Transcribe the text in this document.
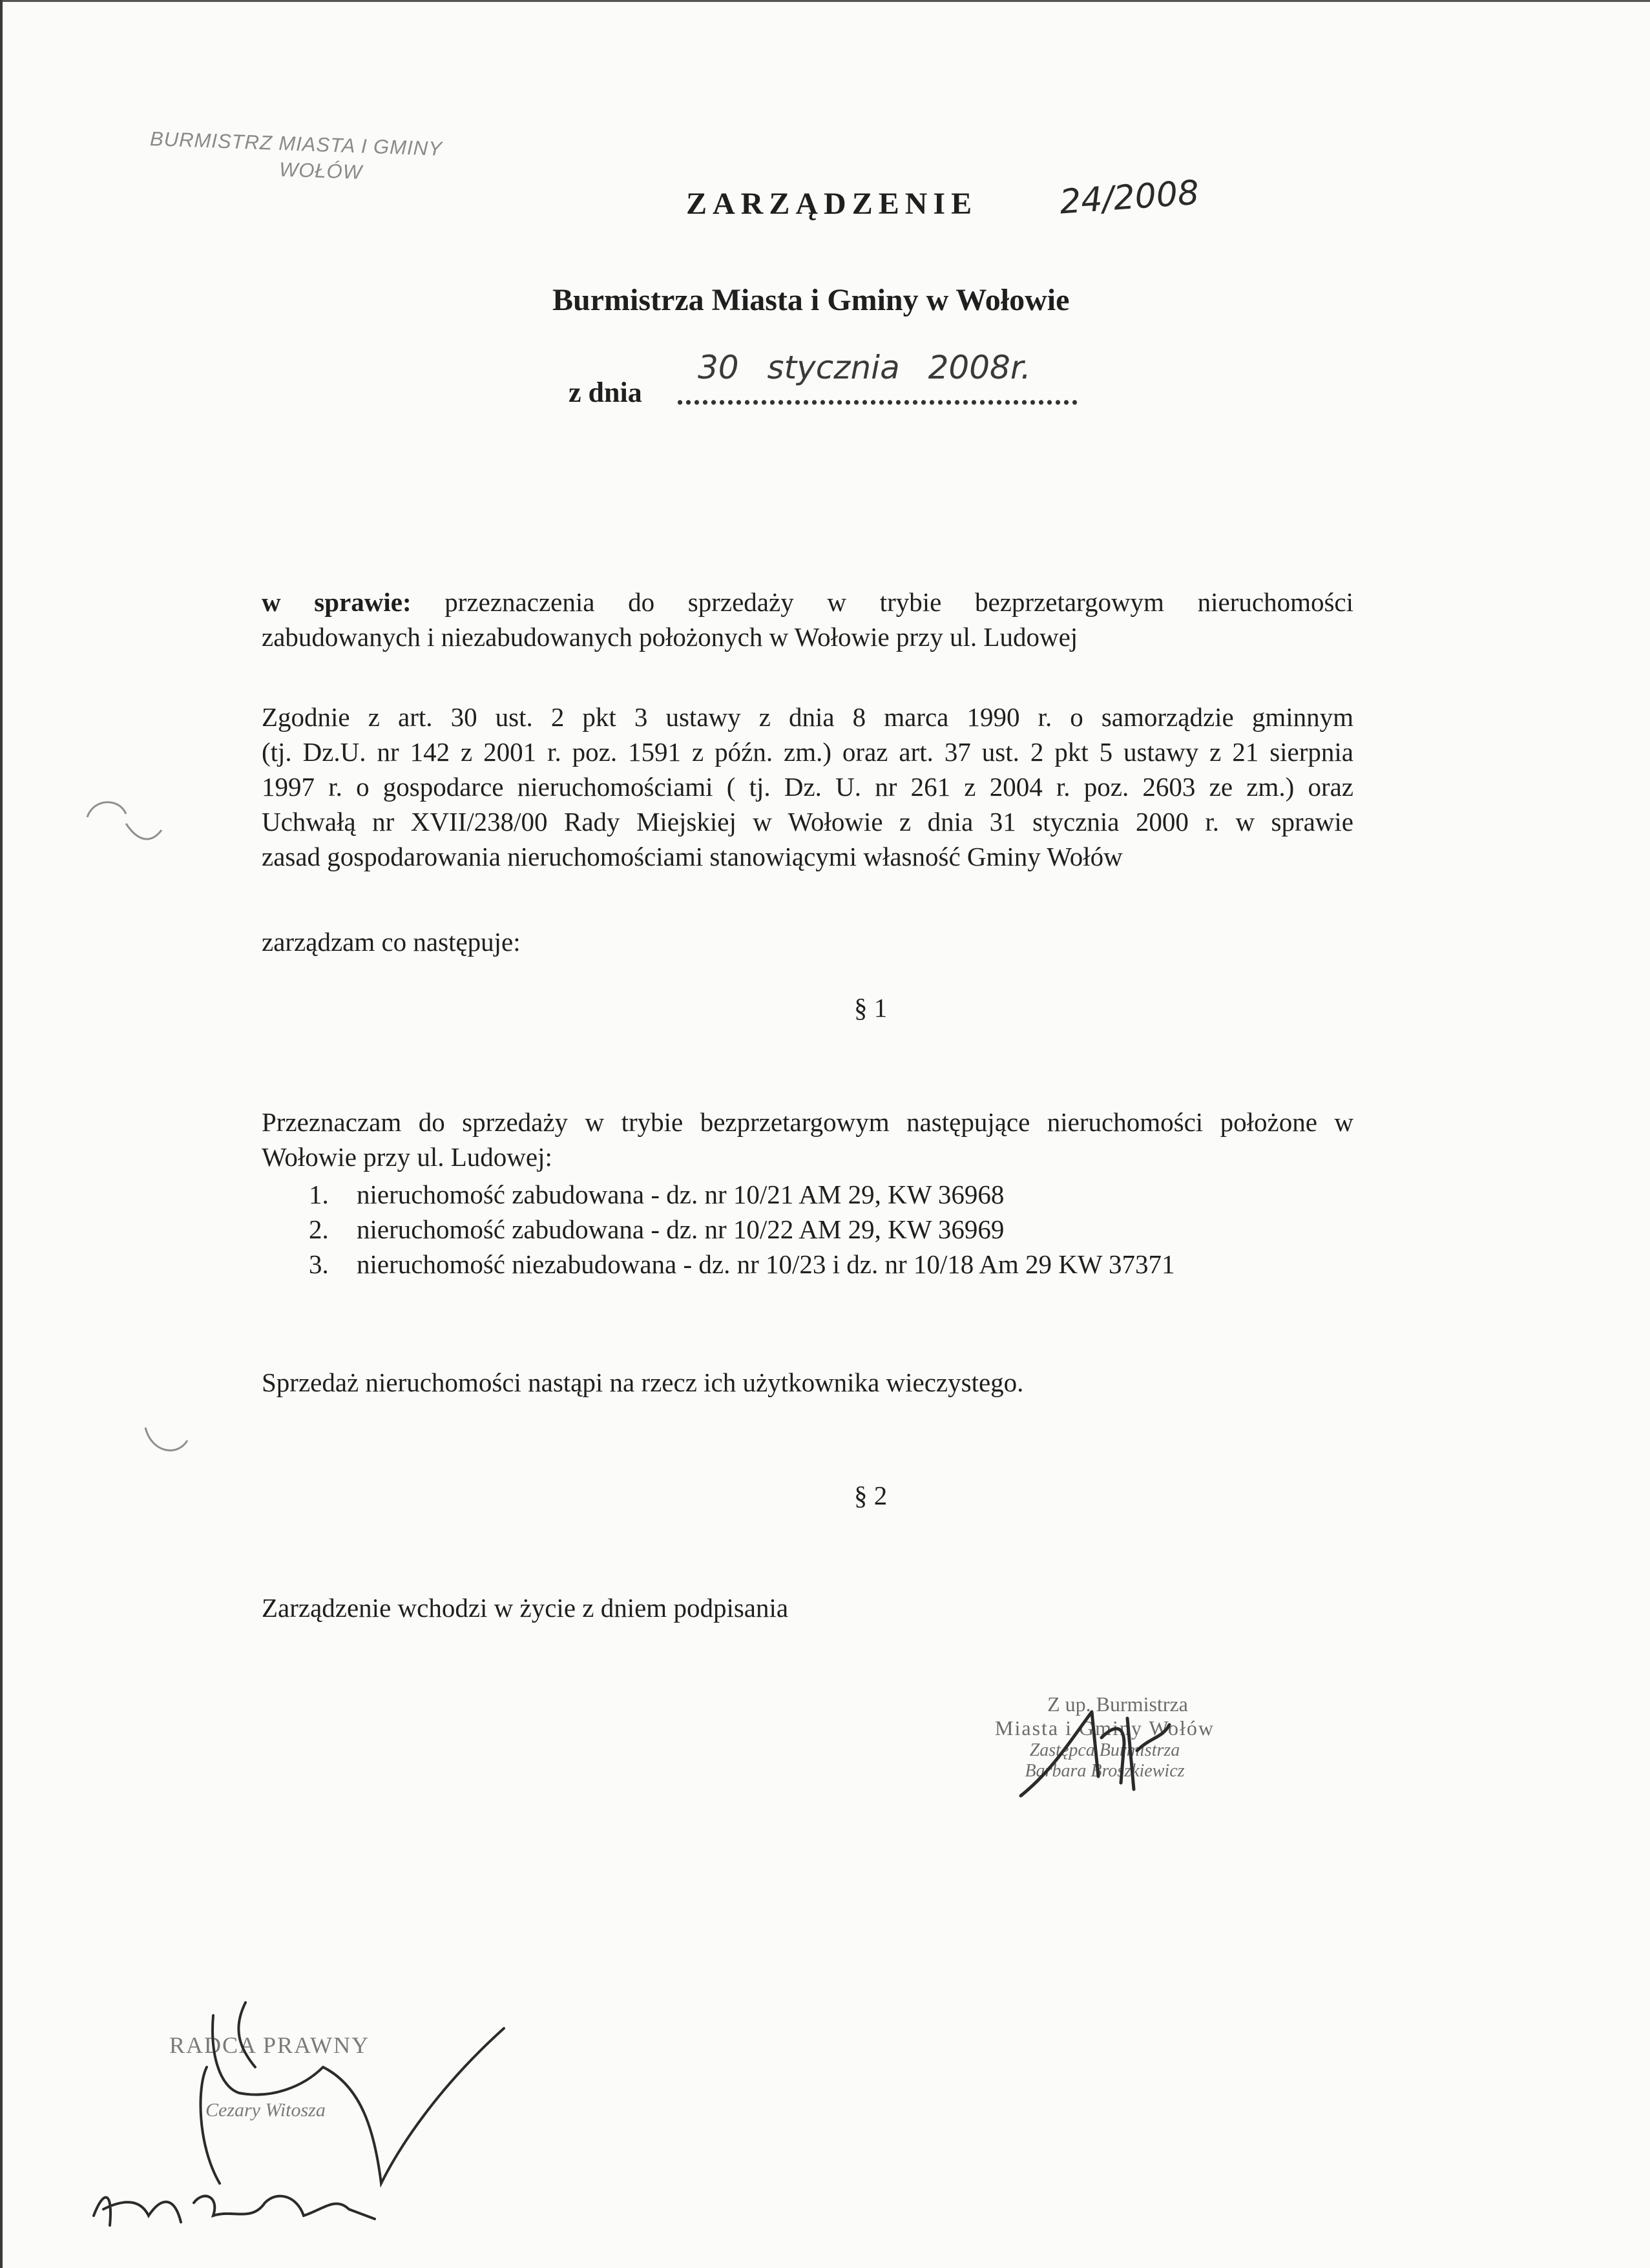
BURMISTRZ MIASTA I GMINY
WOŁÓW
ZARZĄDZENIE 24/2008
Burmistrza Miasta i Gminy w Wołowie
z dnia ................................................
30 stycznia 2008r.
w sprawie: przeznaczenia do sprzedaży w trybie bezprzetargowym nieruchomości
zabudowanych i niezabudowanych położonych w Wołowie przy ul. Ludowej
Zgodnie z art. 30 ust. 2 pkt 3 ustawy z dnia 8 marca 1990 r. o samorządzie gminnym
(tj. Dz.U. nr 142 z 2001 r. poz. 1591 z późn. zm.) oraz art. 37 ust. 2 pkt 5 ustawy z 21 sierpnia
1997 r. o gospodarce nieruchomościami ( tj. Dz. U. nr 261 z 2004 r. poz. 2603 ze zm.) oraz
Uchwałą nr XVII/238/00 Rady Miejskiej w Wołowie z dnia 31 stycznia 2000 r. w sprawie
zasad gospodarowania nieruchomościami stanowiącymi własność Gminy Wołów
zarządzam co następuje:
§ 1
Przeznaczam do sprzedaży w trybie bezprzetargowym następujące nieruchomości położone w
Wołowie przy ul. Ludowej:
1.	nieruchomość zabudowana - dz. nr 10/21 AM 29, KW 36968
2.	nieruchomość zabudowana - dz. nr 10/22 AM 29, KW 36969
3.	nieruchomość niezabudowana - dz. nr 10/23 i dz. nr 10/18 Am 29 KW 37371
Sprzedaż nieruchomości nastąpi na rzecz ich użytkownika wieczystego.
§ 2
Zarządzenie wchodzi w życie z dniem podpisania
Z up. Burmistrza
Miasta i Gminy Wołów
Zastępca Burmistrza
Barbara Broszkiewicz
RADCA PRAWNY
Cezary Witosza
